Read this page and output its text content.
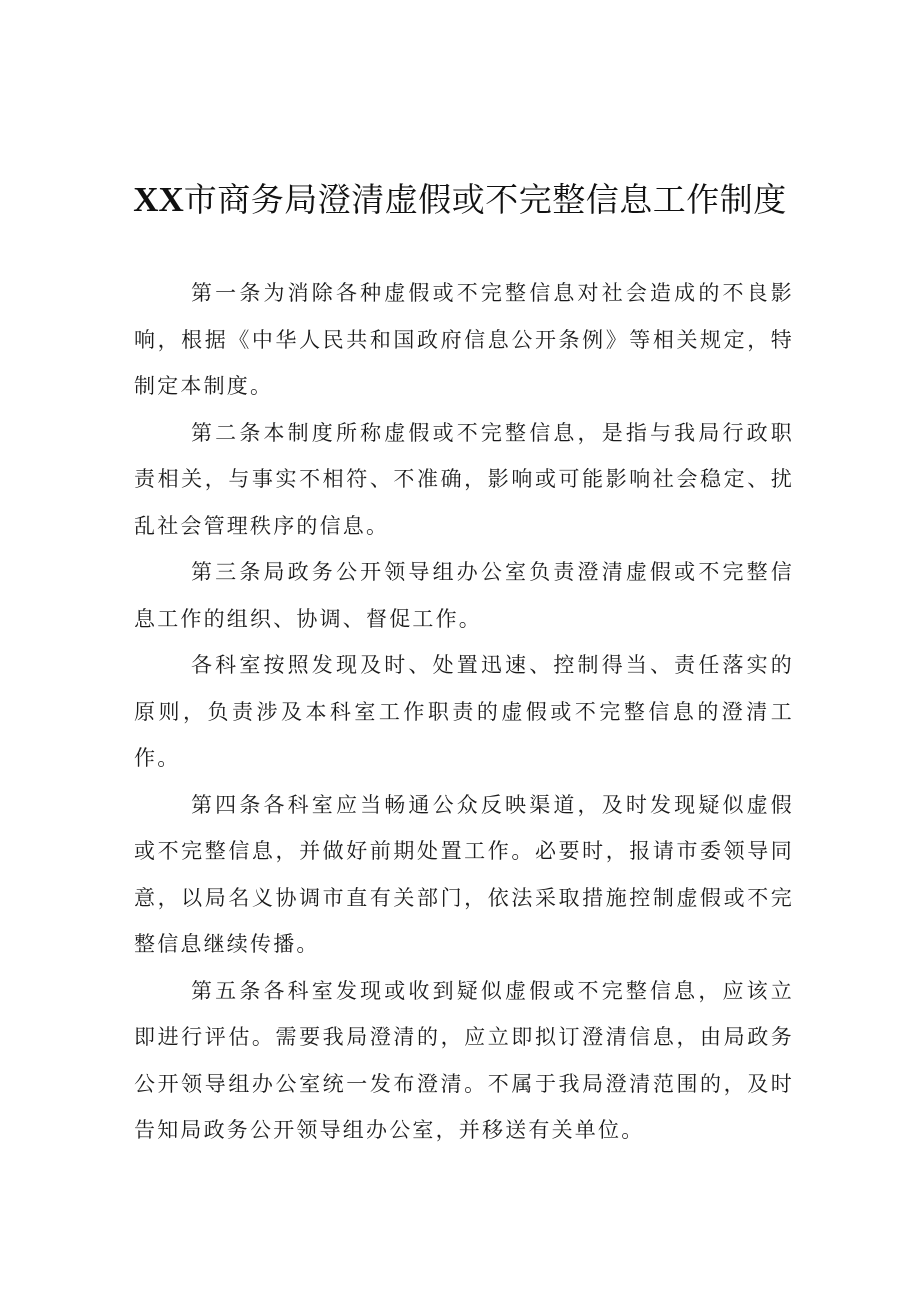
XX市商务局澄清虚假或不完整信息工作制度

第一条为消除各种虚假或不完整信息对社会造成的不良影响，根据《中华人民共和国政府信息公开条例》等相关规定，特制定本制度。

第二条本制度所称虚假或不完整信息，是指与我局行政职责相关，与事实不相符、不准确，影响或可能影响社会稳定、扰乱社会管理秩序的信息。

第三条局政务公开领导组办公室负责澄清虚假或不完整信息工作的组织、协调、督促工作。

各科室按照发现及时、处置迅速、控制得当、责任落实的原则，负责涉及本科室工作职责的虚假或不完整信息的澄清工作。

第四条各科室应当畅通公众反映渠道，及时发现疑似虚假或不完整信息，并做好前期处置工作。必要时，报请市委领导同意，以局名义协调市直有关部门，依法采取措施控制虚假或不完整信息继续传播。

第五条各科室发现或收到疑似虚假或不完整信息，应该立即进行评估。需要我局澄清的，应立即拟订澄清信息，由局政务公开领导组办公室统一发布澄清。不属于我局澄清范围的，及时告知局政务公开领导组办公室，并移送有关单位。
